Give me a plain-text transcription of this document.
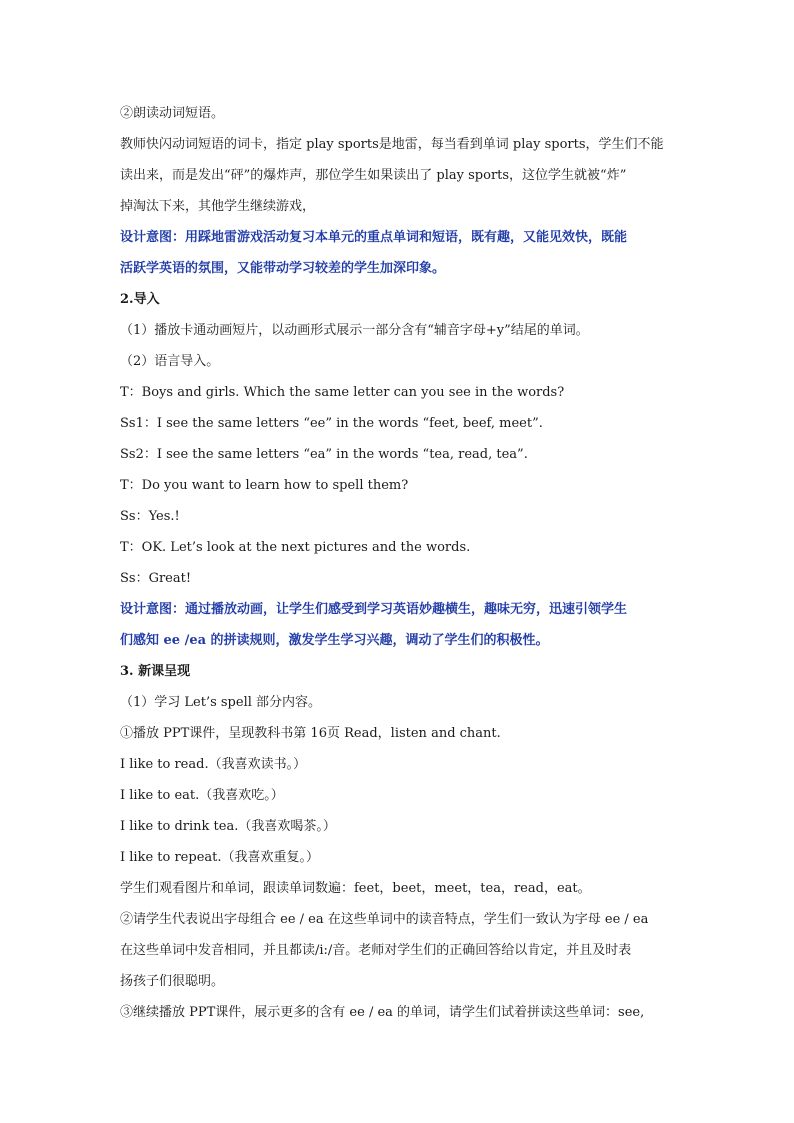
②朗读动词短语。
教师快闪动词短语的词卡，指定 play sports是地雷，每当看到单词 play sports，学生们不能
读出来，而是发出“砰”的爆炸声，那位学生如果读出了 play sports，这位学生就被“炸”
掉淘汰下来，其他学生继续游戏，
设计意图：用踩地雷游戏活动复习本单元的重点单词和短语，既有趣，又能见效快，既能
活跃学英语的氛围，又能带动学习较差的学生加深印象。
2.导入
（1）播放卡通动画短片，以动画形式展示一部分含有“辅音字母+y”结尾的单词。
（2）语言导入。
T：Boys and girls. Which the same letter can you see in the words?
Ss1：I see the same letters “ee” in the words “feet, beef, meet”.
Ss2：I see the same letters “ea” in the words “tea, read, tea”.
T：Do you want to learn how to spell them?
Ss：Yes.!
T：OK. Let’s look at the next pictures and the words.
Ss：Great!
设计意图：通过播放动画，让学生们感受到学习英语妙趣横生，趣味无穷，迅速引领学生
们感知 ee /ea 的拼读规则，激发学生学习兴趣，调动了学生们的积极性。
3. 新课呈现
（1）学习 Let’s spell 部分内容。
①播放 PPT课件，呈现教科书第 16页 Read，listen and chant.
I like to read.（我喜欢读书。）
I like to eat.（我喜欢吃。）
I like to drink tea.（我喜欢喝茶。）
I like to repeat.（我喜欢重复。）
学生们观看图片和单词，跟读单词数遍：feet，beet，meet，tea，read，eat。
②请学生代表说出字母组合 ee / ea 在这些单词中的读音特点，学生们一致认为字母 ee / ea
在这些单词中发音相同，并且都读/i:/音。老师对学生们的正确回答给以肯定，并且及时表
扬孩子们很聪明。
③继续播放 PPT课件，展示更多的含有 ee / ea 的单词，请学生们试着拼读这些单词：see,
